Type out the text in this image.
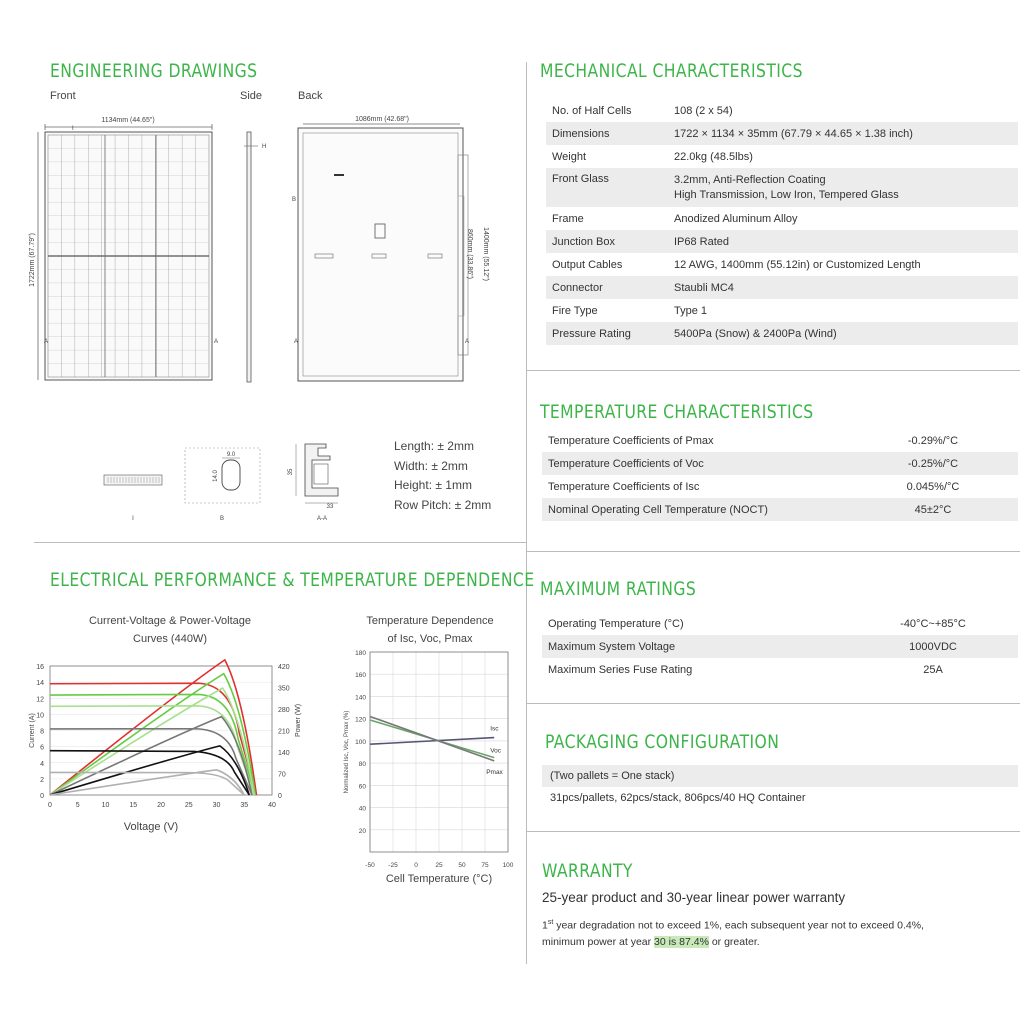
ENGINEERING DRAWINGS
Front	Side	Back
1134mm (44.65")
I
1722mm (67.79")
A	A
H
1086mm (42.68")
1400mm (55.12")
860mm (33.86")
B
A	A
I
9.0
14.0
B
35
33
A-A
Length: ± 2mm
Width: ± 2mm
Height: ± 1mm
Row Pitch: ± 2mm
MECHANICAL CHARACTERISTICS
No. of Half Cells	108 (2 x 54)
Dimensions	1722 × 1134 × 35mm (67.79 × 44.65 × 1.38 inch)
Weight	22.0kg (48.5lbs)
Front Glass	3.2mm, Anti-Reflection Coating
High Transmission, Low Iron, Tempered Glass

Frame	Anodized Aluminum Alloy
Junction Box	IP68 Rated
Output Cables	12 AWG, 1400mm (55.12in) or Customized Length
Connector	Staubli MC4
Fire Type	Type 1
Pressure Rating	5400Pa (Snow) & 2400Pa (Wind)
TEMPERATURE CHARACTERISTICS
Temperature Coefficients of Pmax	-0.29%/°C
Temperature Coefficients of Voc	-0.25%/°C
Temperature Coefficients of Isc	0.045%/°C
Nominal Operating Cell Temperature (NOCT)	45±2°C
MAXIMUM RATINGS
Operating Temperature (°C)	-40°C~+85°C
Maximum System Voltage	1000VDC
Maximum Series Fuse Rating	25A
PACKAGING CONFIGURATION
(Two pallets = One stack)
31pcs/pallets, 62pcs/stack, 806pcs/40 HQ Container
WARRANTY
25-year product and 30-year linear power warranty
1st year degradation not to exceed 1%, each subsequent year not to exceed 0.4%, minimum power at year 30 is 87.4% or greater.
ELECTRICAL PERFORMANCE & TEMPERATURE DEPENDENCE
Current-Voltage & Power-Voltage
Curves (440W)
0
2
4
6
8
10
12
14
16
0	5	10	15	20	25	30	35	40
0
70
140
210
280
350
420
Voltage (V)
Current (A)	Power (W)
Temperature Dependence
of Isc, Voc, Pmax
20
40
60
80
100
120
140
160
180
-50 -25	0	25 50 75 100
Cell Temperature (°C)
Normalized Isc, Voc, Pmax (%)	Isc
Voc
Pmax
